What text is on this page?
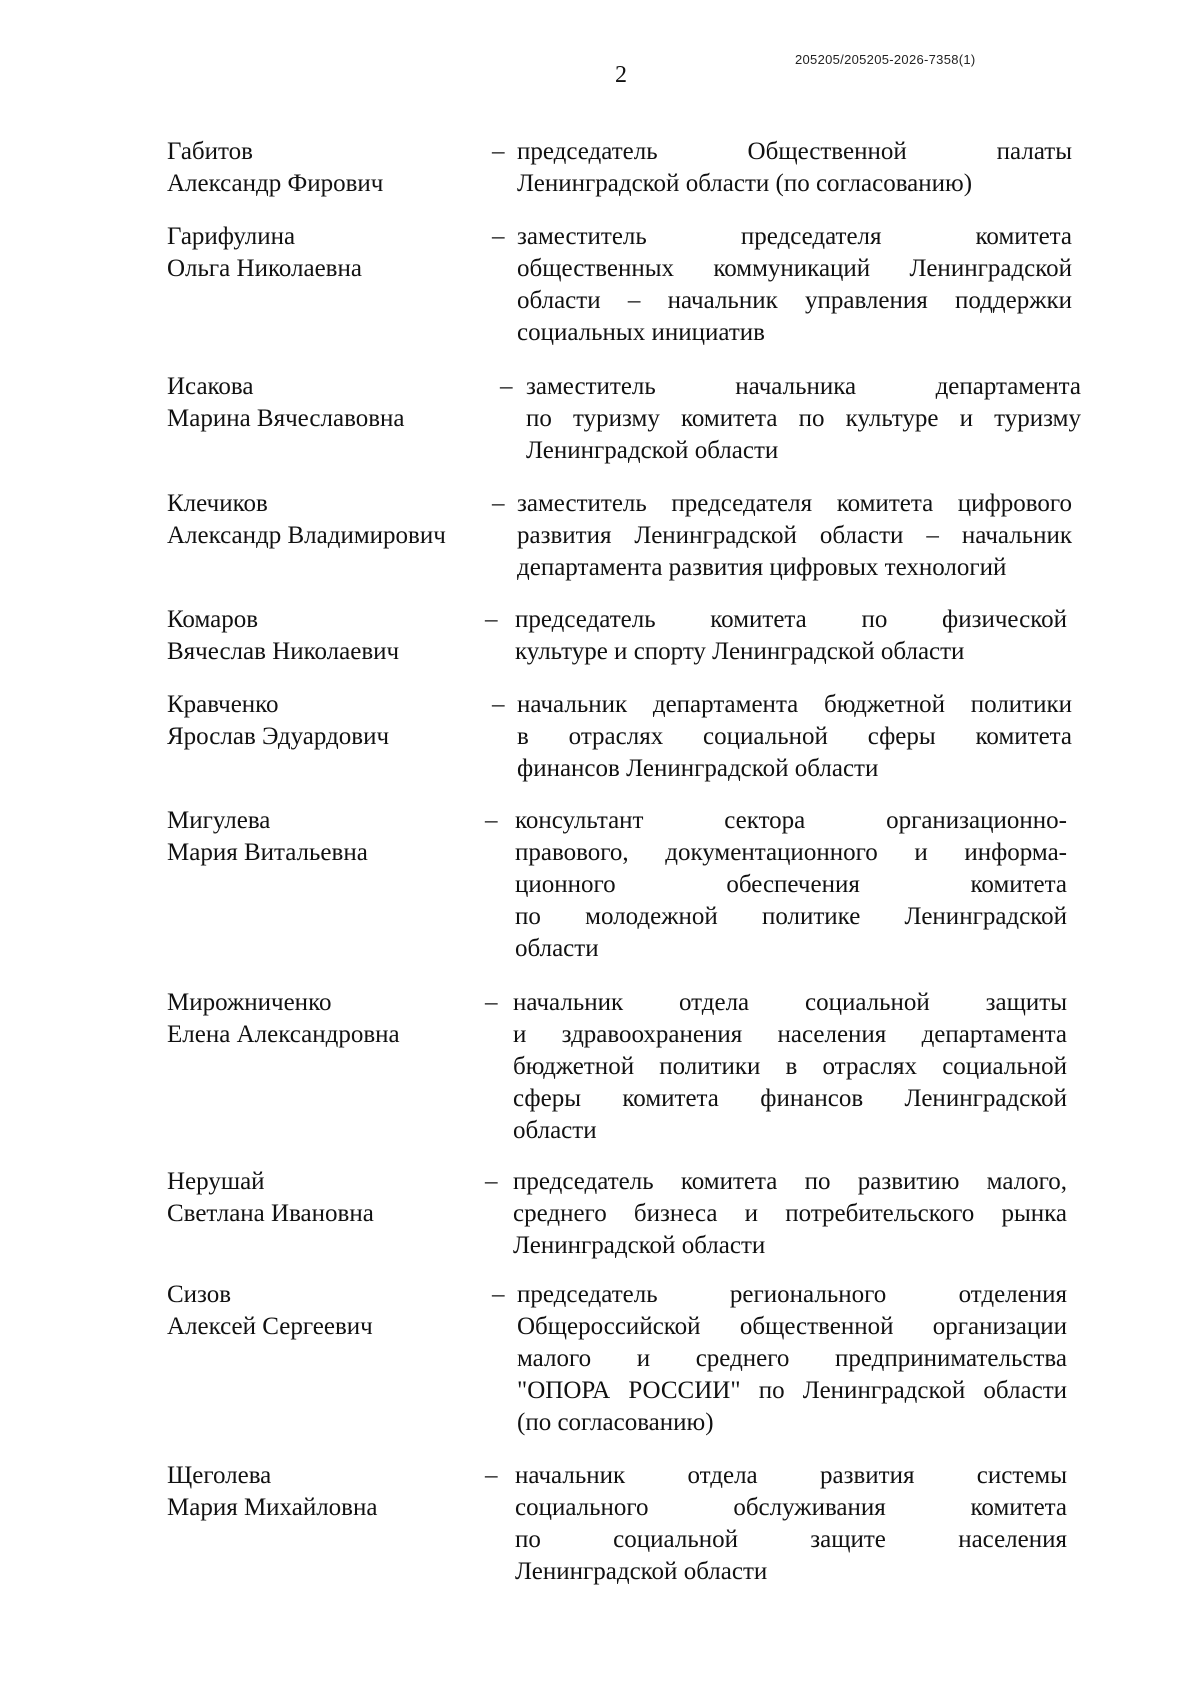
205205/205205-2026-7358(1)
2
Габитов
Александр Фирович
– председатель Общественной палаты
Ленинградской области (по согласованию)
Гарифулина
Ольга Николаевна
– заместитель председателя комитета
общественных коммуникаций Ленинградской
области – начальник управления поддержки
социальных инициатив
Исакова
Марина Вячеславовна
– заместитель начальника департамента
по туризму комитета по культуре и туризму
Ленинградской области
Клечиков
Александр Владимирович
– заместитель председателя комитета цифрового
развития Ленинградской области – начальник
департамента развития цифровых технологий
Комаров
Вячеслав Николаевич
– председатель комитета по физической
культуре и спорту Ленинградской области
Кравченко
Ярослав Эдуардович
– начальник департамента бюджетной политики
в отраслях социальной сферы комитета
финансов Ленинградской области
Мигулева
Мария Витальевна
– консультант сектора организационно-
правового, документационного и информа-
ционного обеспечения комитета
по молодежной политике Ленинградской
области
Мирожниченко
Елена Александровна
– начальник отдела социальной защиты
и здравоохранения населения департамента
бюджетной политики в отраслях социальной
сферы комитета финансов Ленинградской
области
Нерушай
Светлана Ивановна
– председатель комитета по развитию малого,
среднего бизнеса и потребительского рынка
Ленинградской области
Сизов
Алексей Сергеевич
– председатель регионального отделения
Общероссийской общественной организации
малого и среднего предпринимательства
"ОПОРА РОССИИ" по Ленинградской области
(по согласованию)
Щеголева
Мария Михайловна
– начальник отдела развития системы
социального обслуживания комитета
по социальной защите населения
Ленинградской области
